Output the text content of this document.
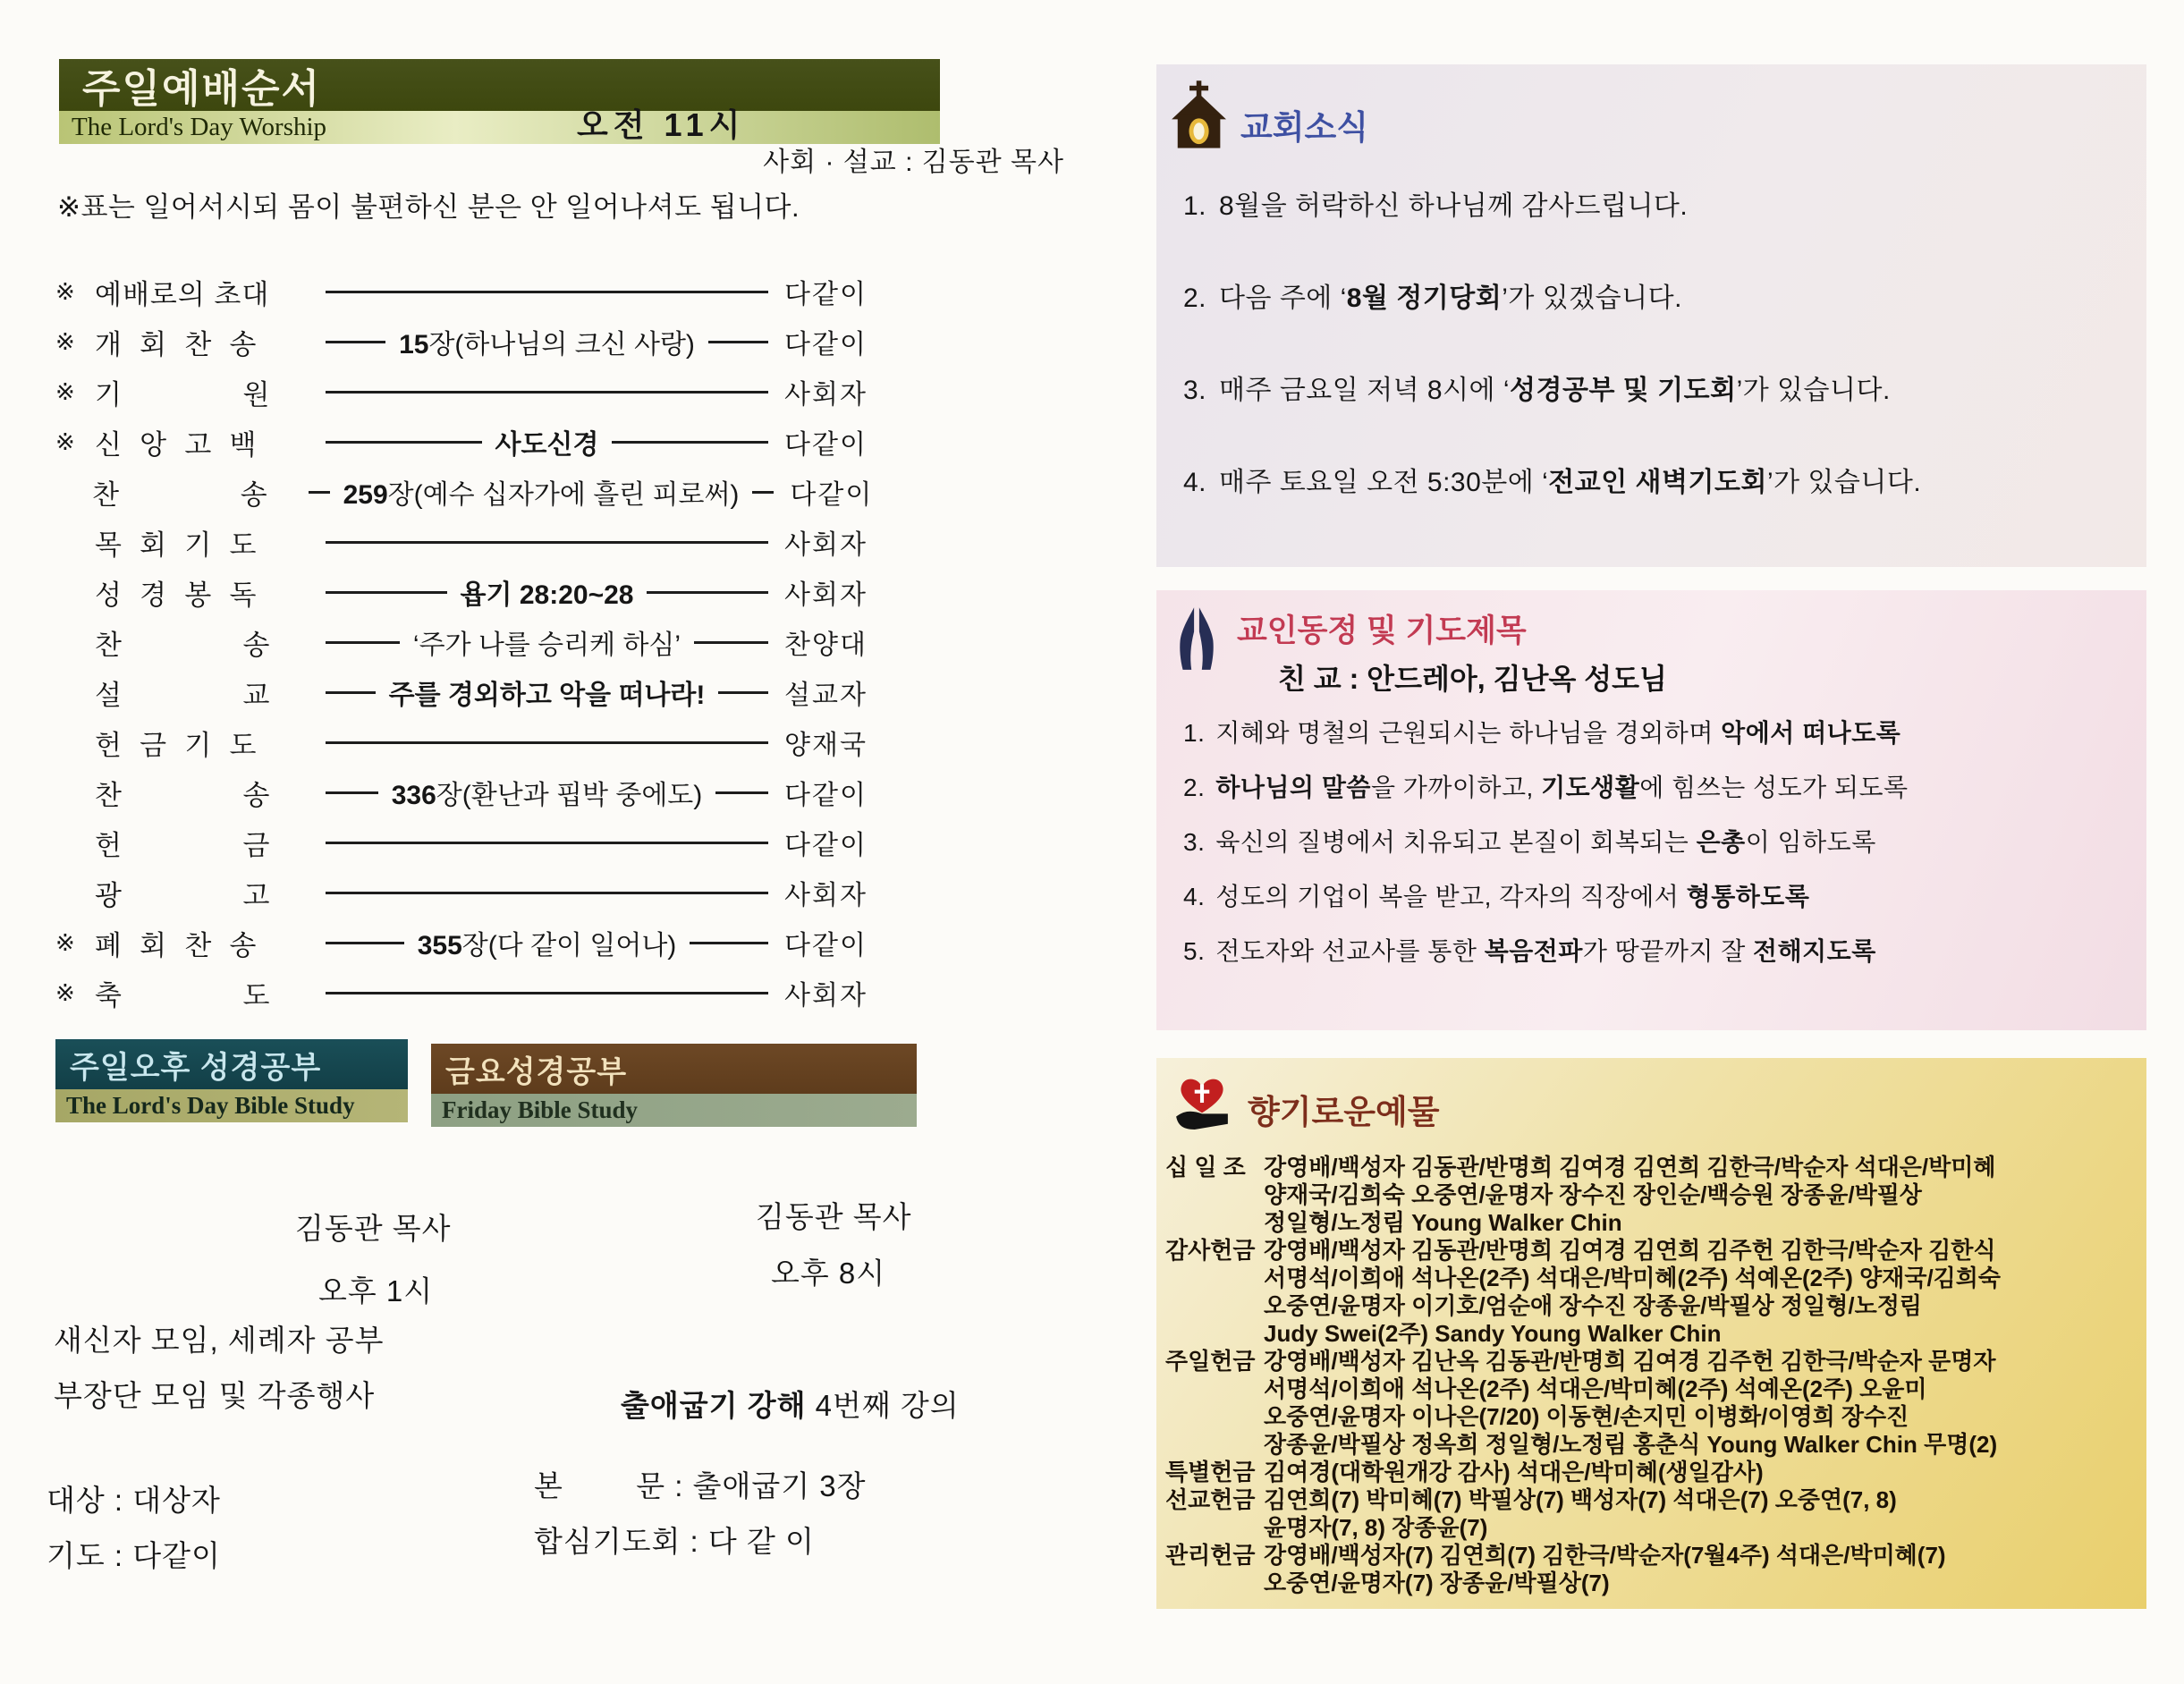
주일예배순서
The Lord's Day Worship	오전 11시
사회 · 설교 : 김동관 목사
※표는 일어서시되 몸이 불편하신 분은 안 일어나셔도 됩니다.
※ 예배로의 초대	다같이
※ 개  회  찬  송	15장(하나님의 크신 사랑)	다같이
※ 기              원	사회자
※ 신  앙  고  백	사도신경	다같이
찬              송	259장(예수 십자가에 흘린 피로써) 다같이
목  회  기  도	사회자
성  경  봉  독	욥기 28:20~28	사회자
찬              송	‘주가 나를 승리케 하심’	찬양대
설              교	주를 경외하고 악을 떠나라!	설교자
헌  금  기  도	양재국
찬              송	336장(환난과 핍박 중에도)	다같이
헌              금	다같이
광              고	사회자
※ 폐  회  찬  송	355장(다 같이 일어나)	다같이
※ 축              도	사회자
주일오후 성경공부
The Lord's Day Bible Study
금요성경공부
Friday Bible Study
김동관 목사
오후 1시
새신자 모임, 세례자 공부
부장단 모임 및 각종행사
대상 : 대상자
기도 : 다같이
김동관 목사
오후 8시

출애굽기 강해 4번째 강의

본        문 : 출애굽기 3장
합심기도회 : 다 같 이
교회소식
1. 8월을 허락하신 하나님께 감사드립니다.
2. 다음 주에 ‘8월 정기당회’가 있겠습니다.
3. 매주 금요일 저녁 8시에 ‘성경공부 및 기도회’가 있습니다.
4. 매주 토요일 오전 5:30분에 ‘전교인 새벽기도회’가 있습니다.
교인동정 및 기도제목
친 교 : 안드레아, 김난옥 성도님
1. 지혜와 명철의 근원되시는 하나님을 경외하며 악에서 떠나도록
2. 하나님의 말씀을 가까이하고, 기도생활에 힘쓰는 성도가 되도록
3. 육신의 질병에서 치유되고 본질이 회복되는 은총이 임하도록
4. 성도의 기업이 복을 받고, 각자의 직장에서 형통하도록
5. 전도자와 선교사를 통한 복음전파가 땅끝까지 잘 전해지도록
향기로운예물
십 일 조 강영배/백성자 김동관/반명희 김여경 김연희 김한극/박순자 석대은/박미혜
양재국/김희숙 오중연/윤명자 장수진 장인순/백승원 장종윤/박필상
정일형/노정림 Young Walker Chin
감사헌금 강영배/백성자 김동관/반명희 김여경 김연희 김주헌 김한극/박순자 김한식
서명석/이희애 석나온(2주) 석대은/박미혜(2주) 석예온(2주) 양재국/김희숙
오중연/윤명자 이기호/엄순애 장수진 장종윤/박필상 정일형/노정림
Judy Swei(2주) Sandy Young Walker Chin
주일헌금 강영배/백성자 김난옥 김동관/반명희 김여경 김주헌 김한극/박순자 문명자
서명석/이희애 석나온(2주) 석대은/박미혜(2주) 석예온(2주) 오윤미
오중연/윤명자 이나은(7/20) 이동현/손지민 이병화/이영희 장수진
장종윤/박필상 정옥희 정일형/노정림 홍춘식 Young Walker Chin 무명(2)
특별헌금 김여경(대학원개강 감사) 석대은/박미혜(생일감사)
선교헌금 김연희(7) 박미혜(7) 박필상(7) 백성자(7) 석대은(7) 오중연(7, 8)
윤명자(7, 8) 장종윤(7)
관리헌금 강영배/백성자(7) 김연희(7) 김한극/박순자(7월4주) 석대은/박미혜(7)
오중연/윤명자(7) 장종윤/박필상(7)
